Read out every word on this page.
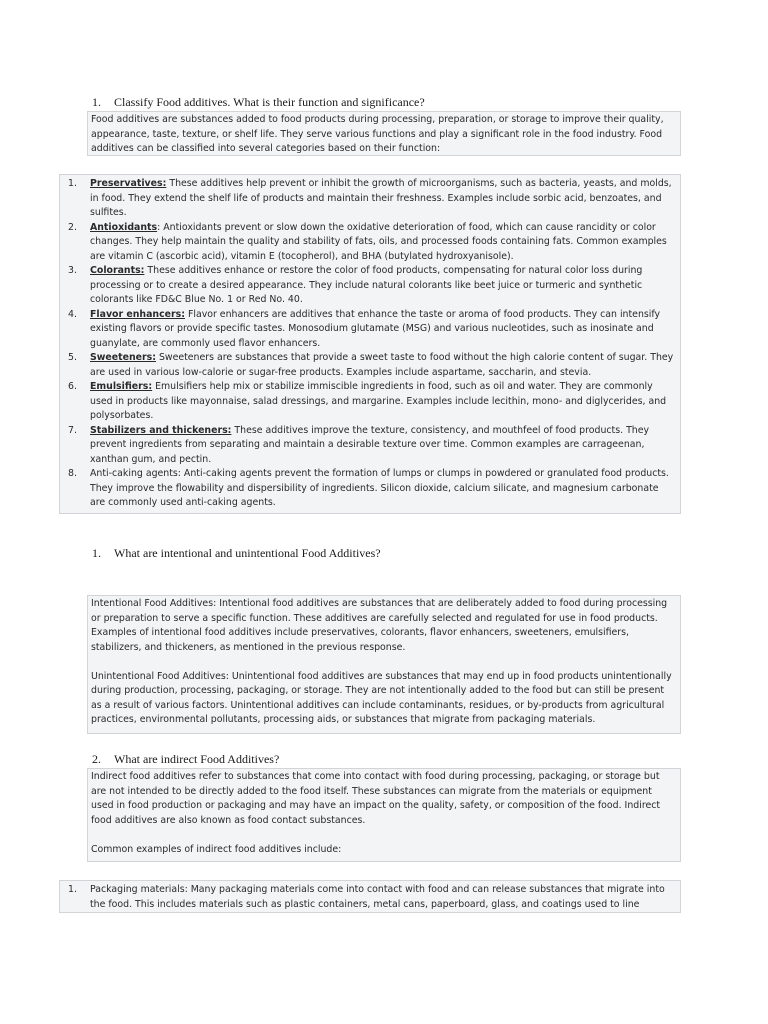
1. Classify Food additives. What is their function and significance?

Food additives are substances added to food products during processing, preparation, or storage to improve their quality, appearance, taste, texture, or shelf life. They serve various functions and play a significant role in the food industry. Food additives can be classified into several categories based on their function:

1. Preservatives: These additives help prevent or inhibit the growth of microorganisms, such as bacteria, yeasts, and molds, in food. They extend the shelf life of products and maintain their freshness. Examples include sorbic acid, benzoates, and sulfites.
2. Antioxidants: Antioxidants prevent or slow down the oxidative deterioration of food, which can cause rancidity or color changes. They help maintain the quality and stability of fats, oils, and processed foods containing fats. Common examples are vitamin C (ascorbic acid), vitamin E (tocopherol), and BHA (butylated hydroxyanisole).
3. Colorants: These additives enhance or restore the color of food products, compensating for natural color loss during processing or to create a desired appearance. They include natural colorants like beet juice or turmeric and synthetic colorants like FD&C Blue No. 1 or Red No. 40.
4. Flavor enhancers: Flavor enhancers are additives that enhance the taste or aroma of food products. They can intensify existing flavors or provide specific tastes. Monosodium glutamate (MSG) and various nucleotides, such as inosinate and guanylate, are commonly used flavor enhancers.
5. Sweeteners: Sweeteners are substances that provide a sweet taste to food without the high calorie content of sugar. They are used in various low-calorie or sugar-free products. Examples include aspartame, saccharin, and stevia.
6. Emulsifiers: Emulsifiers help mix or stabilize immiscible ingredients in food, such as oil and water. They are commonly used in products like mayonnaise, salad dressings, and margarine. Examples include lecithin, mono- and diglycerides, and polysorbates.
7. Stabilizers and thickeners: These additives improve the texture, consistency, and mouthfeel of food products. They prevent ingredients from separating and maintain a desirable texture over time. Common examples are carrageenan, xanthan gum, and pectin.
8. Anti-caking agents: Anti-caking agents prevent the formation of lumps or clumps in powdered or granulated food products. They improve the flowability and dispersibility of ingredients. Silicon dioxide, calcium silicate, and magnesium carbonate are commonly used anti-caking agents.
1. What are intentional and unintentional Food Additives?

Intentional Food Additives: Intentional food additives are substances that are deliberately added to food during processing or preparation to serve a specific function. These additives are carefully selected and regulated for use in food products. Examples of intentional food additives include preservatives, colorants, flavor enhancers, sweeteners, emulsifiers, stabilizers, and thickeners, as mentioned in the previous response.

Unintentional Food Additives: Unintentional food additives are substances that may end up in food products unintentionally during production, processing, packaging, or storage. They are not intentionally added to the food but can still be present as a result of various factors. Unintentional additives can include contaminants, residues, or by-products from agricultural practices, environmental pollutants, processing aids, or substances that migrate from packaging materials.

2. What are indirect Food Additives?

Indirect food additives refer to substances that come into contact with food during processing, packaging, or storage but are not intended to be directly added to the food itself. These substances can migrate from the materials or equipment used in food production or packaging and may have an impact on the quality, safety, or composition of the food. Indirect food additives are also known as food contact substances.

Common examples of indirect food additives include:

1. Packaging materials: Many packaging materials come into contact with food and can release substances that migrate into the food. This includes materials such as plastic containers, metal cans, paperboard, glass, and coatings used to line
